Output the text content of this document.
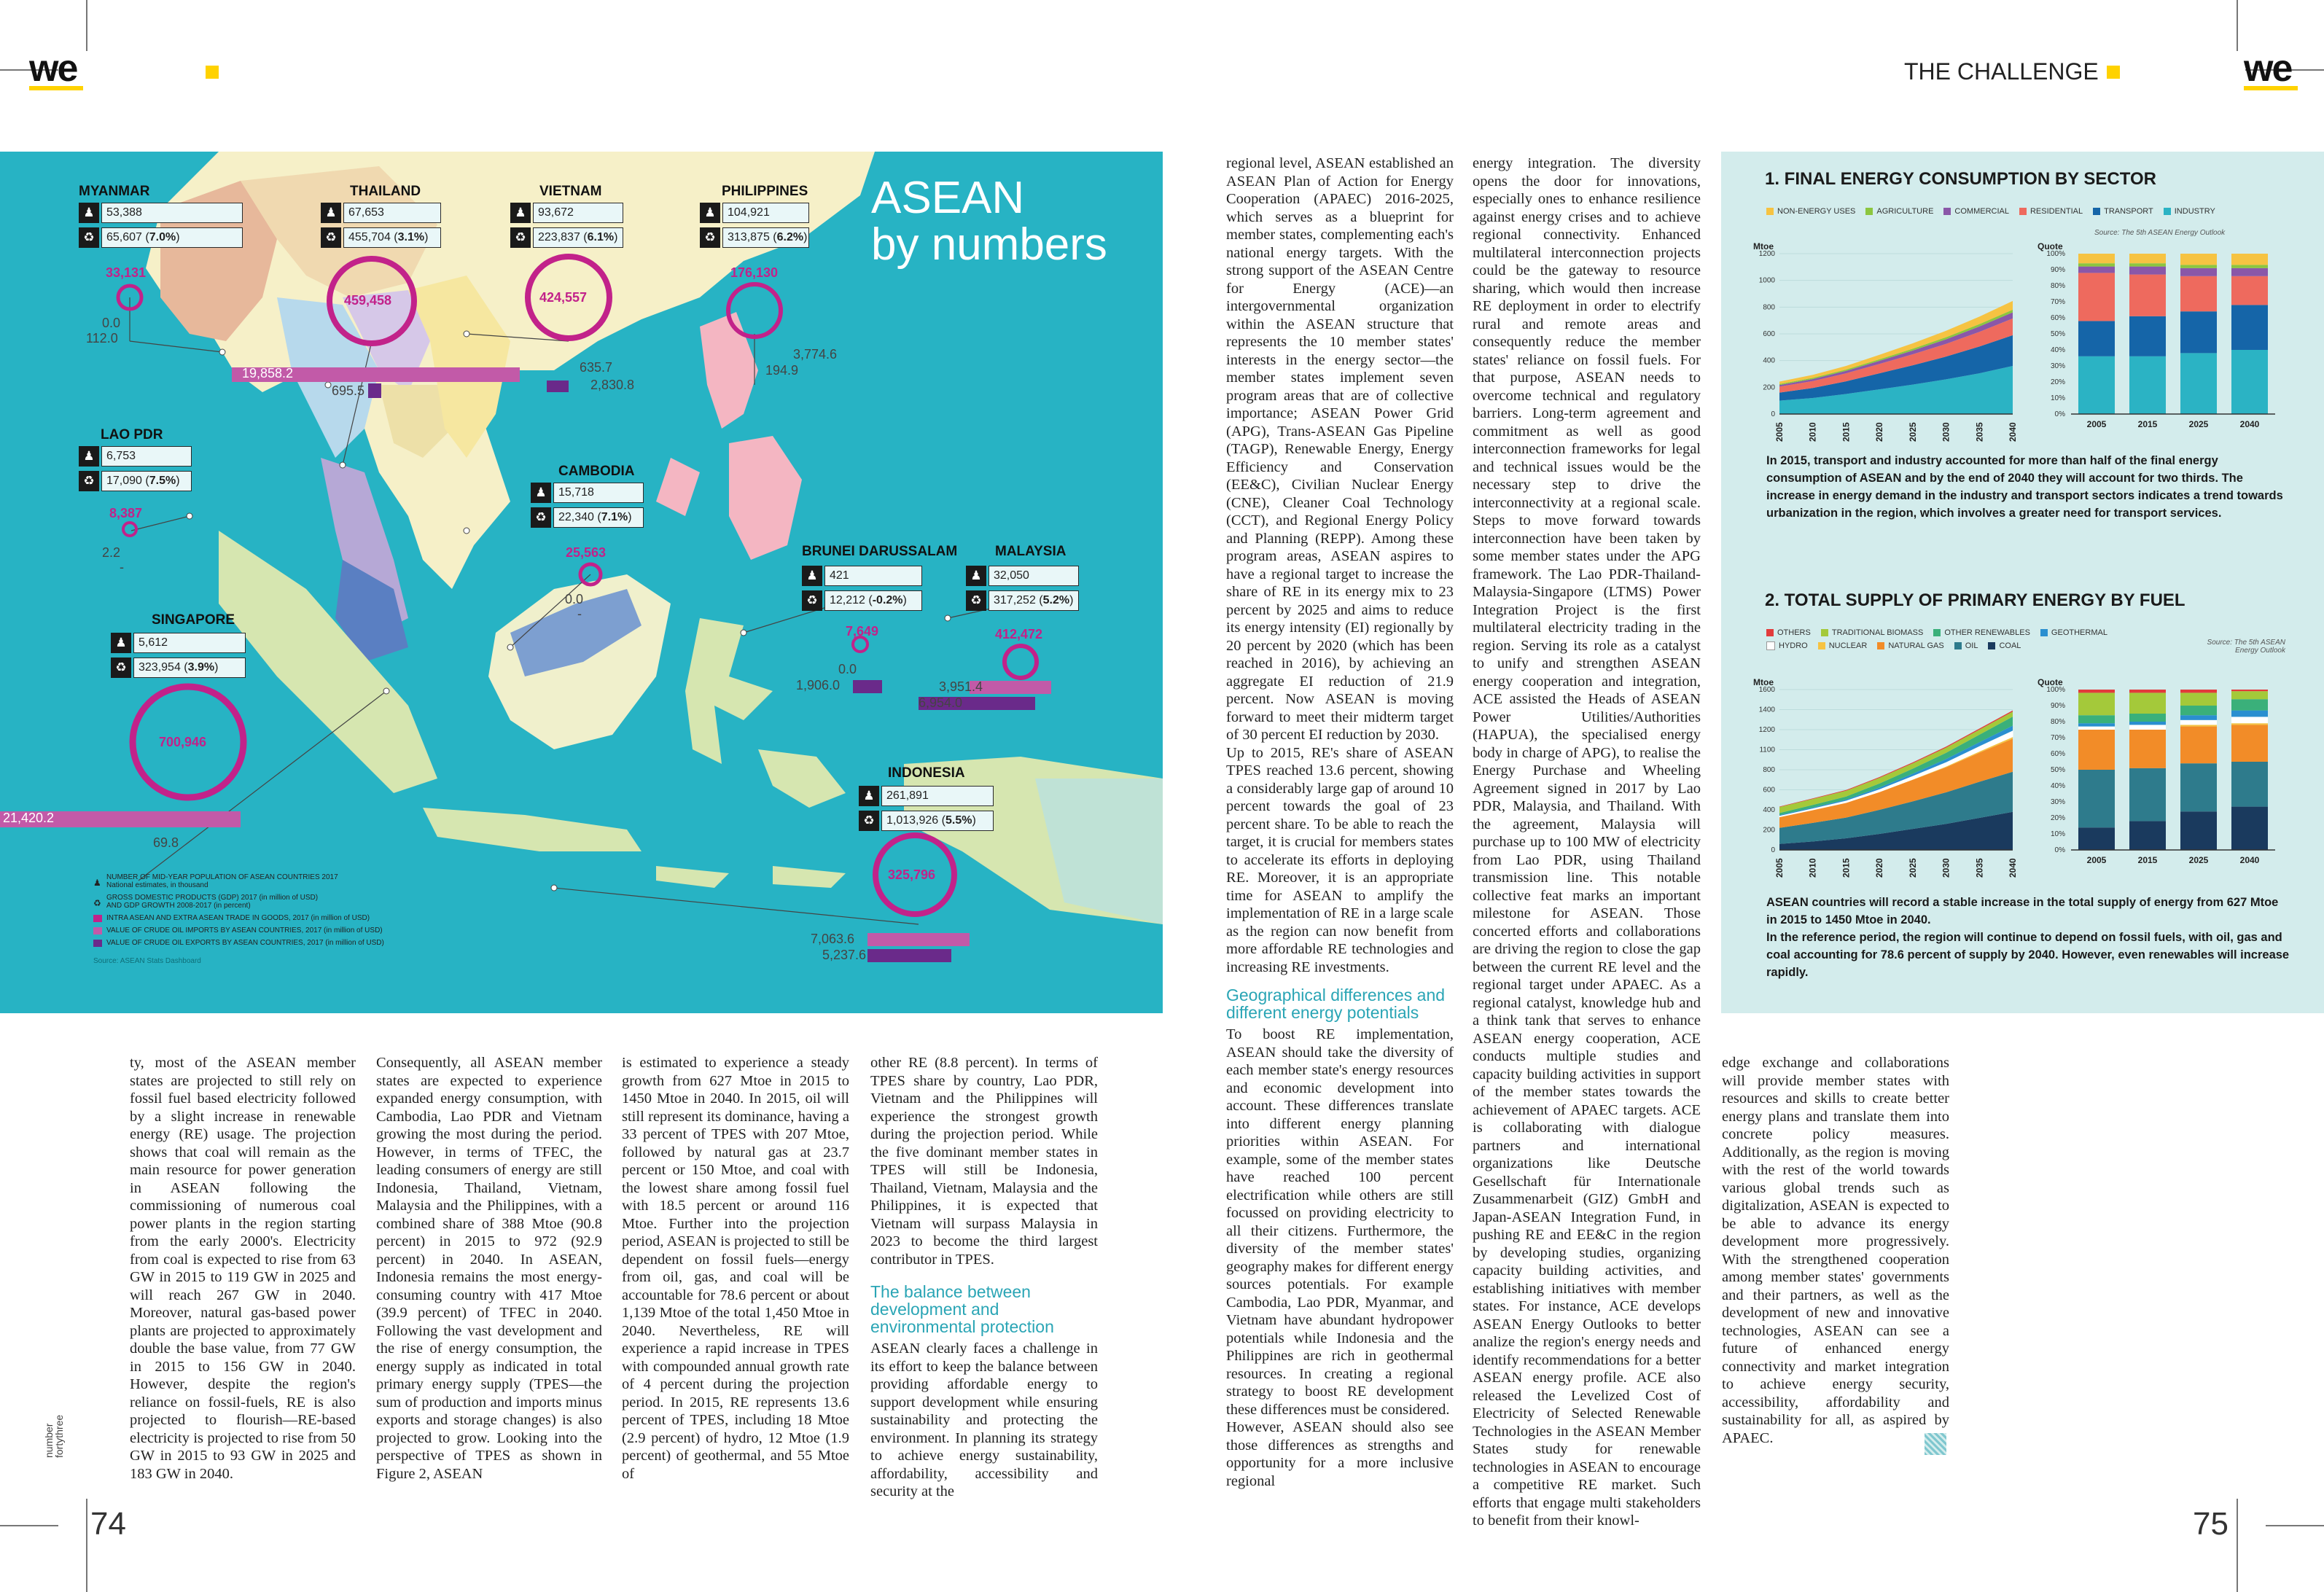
we	THE CHALLENGE	we
ASEAN
by numbers
MYANMAR
♟	53,388
♻	65,607 (7.0%)
33,131
0.0
112.0
THAILAND
♟	67,653
♻	455,704 (3.1%)
459,458
19,858.2
695.5
VIETNAM
♟	93,672
♻	223,837 (6.1%)
424,557
635.7
2,830.8
PHILIPPINES
♟	104,921
♻	313,875 (6.2%)
176,130
3,774.6
194.9
LAO PDR
♟	6,753
♻	17,090 (7.5%)
8,387
2.2
-
CAMBODIA
♟	15,718
♻	22,340 (7.1%)
25,563
0.0
-
BRUNEI DARUSSALAM
♟	421
♻	12,212 (-0.2%)
7,649
0.0
1,906.0
MALAYSIA
♟	32,050
♻	317,252 (5.2%)
412,472
3,951.4
6,954.0
SINGAPORE
♟	5,612
♻	323,954 (3.9%)
700,946
21,420.2
69.8
INDONESIA
♟	261,891
♻	1,013,926 (5.5%)
325,796
7,063.6
5,237.6
♟
NUMBER OF MID-YEAR POPULATION OF ASEAN COUNTRIES 2017
National estimates, in thousand
♻
GROSS DOMESTIC PRODUCTS (GDP) 2017 (in million of USD)
AND GDP GROWTH 2008-2017 (in percent)
INTRA ASEAN AND EXTRA ASEAN TRADE IN GOODS, 2017 (in million of USD)
VALUE OF CRUDE OIL IMPORTS BY ASEAN COUNTRIES, 2017 (in million of USD)
VALUE OF CRUDE OIL EXPORTS BY ASEAN COUNTRIES, 2017 (in million of USD)
Source: ASEAN Stats Dashboard

ty, most of the ASEAN member states are projected to still rely on fossil fuel based electricity followed by a slight increase in renewable energy (RE) usage. The projection shows that coal will remain as the main resource for power generation in ASEAN following the commissioning of numerous coal power plants in the region starting from the early 2000's. Electricity from coal is expected to rise from 63 GW in 2015 to 119 GW in 2025 and will reach 267 GW in 2040. Moreover, natural gas-based power plants are projected to approximately double the base value, from 77 GW in 2015 to 156 GW in 2040. However, despite the region's reliance on fossil-fuels, RE is also projected to flourish—RE-based electricity is projected to rise from 50 GW in 2015 to 93 GW in 2025 and 183 GW in 2040.

Consequently, all ASEAN member states are expected to experience expanded energy consumption, with Cambodia, Lao PDR and Vietnam growing the most during the period. However, in terms of TFEC, the leading consumers of energy are still Indonesia, Thailand, Vietnam, Malaysia and the Philippines, with a combined share of 388 Mtoe (90.8 percent) in 2015 to 972 (92.9 percent) in 2040. In ASEAN, Indonesia remains the most energy-consuming country with 417 Mtoe (39.9 percent) of TFEC in 2040. Following the vast development and the rise of energy consumption, the energy supply as indicated in total primary energy supply (TPES—the sum of production and imports minus exports and storage changes) is also projected to grow. Looking into the perspective of TPES as shown in Figure 2, ASEAN

is estimated to experience a steady growth from 627 Mtoe in 2015 to 1450 Mtoe in 2040. In 2015, oil will still represent its dominance, having a 33 percent of TPES with 207 Mtoe, followed by natural gas at 23.7 percent or 150 Mtoe, and coal with the lowest share among fossil fuel with 18.5 percent or around 116 Mtoe. Further into the projection period, ASEAN is projected to still be dependent on fossil fuels—energy from oil, gas, and coal will be accountable for 78.6 percent or about 1,139 Mtoe of the total 1,450 Mtoe in 2040. Nevertheless, RE will experience a rapid increase in TPES with compounded annual growth rate of 4 percent during the projection period. In 2015, RE represents 13.6 percent of TPES, including 18 Mtoe (2.9 percent) of hydro, 12 Mtoe (1.9 percent) of geothermal, and 55 Mtoe of

other RE (8.8 percent). In terms of TPES share by country, Lao PDR, Vietnam and the Philippines will experience the strongest growth during the projection period. While the five dominant member states in TPES will still be Indonesia, Thailand, Vietnam, Malaysia and the Philippines, it is expected that Vietnam will surpass Malaysia in 2023 to become the third largest contributor in TPES.

The balance between development and environmental protection

ASEAN clearly faces a challenge in its effort to keep the balance between providing affordable energy to support development while ensuring sustainability and protecting the environment. In planning its strategy to achieve energy sustainability, affordability, accessibility and security at the

regional level, ASEAN established an ASEAN Plan of Action for Energy Cooperation (APAEC) 2016-2025, which serves as a blueprint for member states, complementing each's national energy targets. With the strong support of the ASEAN Centre for Energy (ACE)—an intergovernmental organization within the ASEAN structure that represents the 10 member states' interests in the energy sector—the member states implement seven program areas that are of collective importance; ASEAN Power Grid (APG), Trans-ASEAN Gas Pipeline (TAGP), Renewable Energy, Energy Efficiency and Conservation (EE&C), Civilian Nuclear Energy (CNE), Cleaner Coal Technology (CCT), and Regional Energy Policy and Planning (REPP). Among these program areas, ASEAN aspires to have a regional target to increase the share of RE in its energy mix to 23 percent by 2025 and aims to reduce its energy intensity (EI) regionally by 20 percent by 2020 (which has been reached in 2016), by achieving an aggregate EI reduction of 21.9 percent. Now ASEAN is moving forward to meet their midterm target of 30 percent EI reduction by 2030.

Up to 2015, RE's share of ASEAN TPES reached 13.6 percent, showing a considerably large gap of around 10 percent towards the goal of 23 percent share. To be able to reach the target, it is crucial for members states to accelerate its efforts in deploying RE. Moreover, it is an appropriate time for ASEAN to amplify the implementation of RE in a large scale as the region can now benefit from more affordable RE technologies and increasing RE investments.

Geographical differences and different energy potentials

To boost RE implementation, ASEAN should take the diversity of each member state's energy resources and economic development into account. These differences translate into different energy planning priorities within ASEAN. For example, some of the member states have reached 100 percent electrification while others are still focussed on providing electricity to all their citizens. Furthermore, the diversity of the member states' geography makes for different energy sources potentials. For example Cambodia, Lao PDR, Myanmar, and Vietnam have abundant hydropower potentials while Indonesia and the Philippines are rich in geothermal resources. In creating a regional strategy to boost RE development these differences must be considered.

However, ASEAN should also see those differences as strengths and opportunity for a more inclusive regional

energy integration. The diversity opens the door for innovations, especially ones to enhance resilience against energy crises and to achieve regional connectivity. Enhanced multilateral interconnection projects could be the gateway to resource sharing, which would then increase RE deployment in order to electrify rural and remote areas and consequently reduce the member states' reliance on fossil fuels. For that purpose, ASEAN needs to overcome technical and regulatory barriers. Long-term agreement and commitment as well as good interconnection frameworks for legal and technical issues would be the necessary step to drive the interconnectivity at a regional scale. Steps to move forward towards interconnection have been taken by some member states under the APG framework. The Lao PDR-Thailand-Malaysia-Singapore (LTMS) Power Integration Project is the first multilateral electricity trading in the region. Serving its role as a catalyst to unify and strengthen ASEAN energy cooperation and integration, ACE assisted the Heads of ASEAN Power Utilities/Authorities (HAPUA), the specialised energy body in charge of APG), to realise the Energy Purchase and Wheeling Agreement signed in 2017 by Lao PDR, Malaysia, and Thailand. With the agreement, Malaysia will purchase up to 100 MW of electricity from Lao PDR, using Thailand transmission line. This notable collective feat marks an important milestone for ASEAN. Those concerted efforts and collaborations are driving the region to close the gap between the current RE level and the regional target under APAEC. As a regional catalyst, knowledge hub and a think tank that serves to enhance ASEAN energy cooperation, ACE conducts multiple studies and capacity building activities in support of the member states towards the achievement of APAEC targets. ACE is collaborating with dialogue partners and international organizations like Deutsche Gesellschaft für Internationale Zusammenarbeit (GIZ) GmbH and Japan-ASEAN Integration Fund, in pushing RE and EE&C in the region by developing studies, organizing capacity building activities, and establishing initiatives with member states. For instance, ACE develops ASEAN Energy Outlooks to better analize the region's energy needs and identify recommendations for a better ASEAN energy profile. ACE also released the Levelized Cost of Electricity of Selected Renewable Technologies in the ASEAN Member States study for renewable technologies in ASEAN to encourage a competitive RE market. Such efforts that engage multi stakeholders to benefit from their knowl-

edge exchange and collaborations will provide member states with resources and skills to create better energy plans and translate them into concrete policy measures. Additionally, as the region is moving with the rest of the world towards various global trends such as digitalization, ASEAN is expected to be able to advance its energy development more progressively. With the strengthened cooperation among member states' governments and their partners, as well as the development of new and innovative technologies, ASEAN can see a future of enhanced energy connectivity and market integration to achieve energy security, accessibility, affordability and sustainability for all, as aspired by APAEC.

1. FINAL ENERGY CONSUMPTION BY SECTOR
NON-ENERGY USES	AGRICULTURE	COMMERCIAL	RESIDENTIAL	TRANSPORT	INDUSTRY
Source: The 5th ASEAN Energy Outlook
Mtoe
1200
1000
800
600
400
200
0
2005	2010	2015	2020	2025	2030	2035	2040
Quote
100%
90%
80%
70%
60%
50%
40%
30%
20%
10%
0%
2005	2015	2025	2040
In 2015, transport and industry accounted for more than half of the final energy consumption of ASEAN and by the end of 2040 they will account for two thirds. The increase in energy demand in the industry and transport sectors indicates a trend towards urbanization in the region, which involves a greater need for transport services.
2. TOTAL SUPPLY OF PRIMARY ENERGY BY FUEL
OTHERS	TRADITIONAL BIOMASS	OTHER RENEWABLES	GEOTHERMAL
HYDRO	NUCLEAR	NATURAL GAS	OIL	COAL	Source: The 5th ASEAN Energy Outlook
Mtoe
1600
1400
1200
1100
800
600
400
200
0
2005	2010	2015	2020	2025	2030	2035	2040
Quote
100%
90%
80%
70%
60%
50%
40%
30%
20%
10%
0%
2005	2015	2025	2040
ASEAN countries will record a stable increase in the total supply of energy from 627 Mtoe in 2015 to 1450 Mtoe in 2040.
In the reference period, the region will continue to depend on fossil fuels, with oil, gas and coal accounting for 78.6 percent of supply by 2040. However, even renewables will increase rapidly.
number fortythree
74	75
